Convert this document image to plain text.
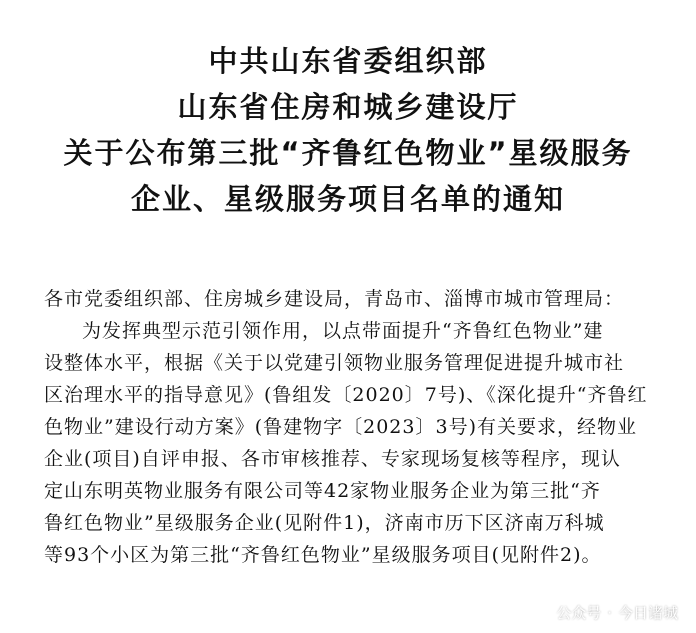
中共山东省委组织部
山东省住房和城乡建设厅
关于公布第三批“齐鲁红色物业”星级服务
企业、星级服务项目名单的通知
各市党委组织部、住房城乡建设局，青岛市、淄博市城市管理局：
为发挥典型示范引领作用，以点带面提升“齐鲁红色物业”建
设整体水平，根据《关于以党建引领物业服务管理促进提升城市社
区治理水平的指导意见》(鲁组发〔2020〕7号)、《深化提升“齐鲁红
色物业”建设行动方案》(鲁建物字〔2023〕3号)有关要求，经物业
企业(项目)自评申报、各市审核推荐、专家现场复核等程序，现认
定山东明英物业服务有限公司等42家物业服务企业为第三批“齐
鲁红色物业”星级服务企业(见附件1)，济南市历下区济南万科城
等93个小区为第三批“齐鲁红色物业”星级服务项目(见附件2)。
公众号 · 今日诸城
